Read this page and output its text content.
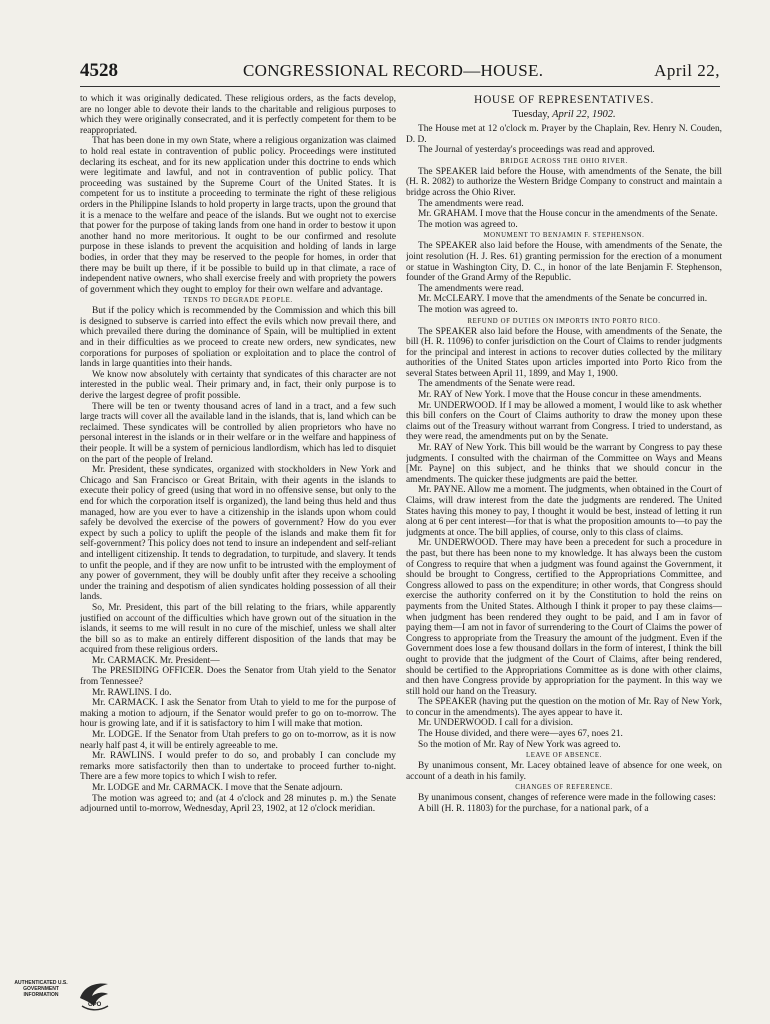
4528	CONGRESSIONAL RECORD—HOUSE.	April 22,

to which it was originally dedicated. These religious orders, as the facts develop, are no longer able to devote their lands to the charitable and religious purposes to which they were originally consecrated, and it is perfectly competent for them to be reappropriated.

That has been done in my own State, where a religious organization was claimed to hold real estate in contravention of public policy. Proceedings were instituted declaring its escheat, and for its new application under this doctrine to ends which were legitimate and lawful, and not in contravention of public policy. That proceeding was sustained by the Supreme Court of the United States. It is competent for us to institute a proceeding to terminate the right of these religious orders in the Philippine Islands to hold property in large tracts, upon the ground that it is a menace to the welfare and peace of the islands. But we ought not to exercise that power for the purpose of taking lands from one hand in order to bestow it upon another hand no more meritorious. It ought to be our confirmed and resolute purpose in these islands to prevent the acquisition and holding of lands in large bodies, in order that they may be reserved to the people for homes, in order that there may be built up there, if it be possible to build up in that climate, a race of independent native owners, who shall exercise freely and with propriety the powers of government which they ought to employ for their own welfare and advantage.

TENDS TO DEGRADE PEOPLE.

But if the policy which is recommended by the Commission and which this bill is designed to subserve is carried into effect the evils which now prevail there, and which prevailed there during the dominance of Spain, will be multiplied in extent and in their difficulties as we proceed to create new orders, new syndicates, new corporations for purposes of spoliation or exploitation and to place the control of lands in large quantities into their hands.

We know now absolutely with certainty that syndicates of this character are not interested in the public weal. Their primary and, in fact, their only purpose is to derive the largest degree of profit possible.

There will be ten or twenty thousand acres of land in a tract, and a few such large tracts will cover all the available land in the islands, that is, land which can be reclaimed. These syndicates will be controlled by alien proprietors who have no personal interest in the islands or in their welfare or in the welfare and happiness of their people. It will be a system of pernicious landlordism, which has led to disquiet on the part of the people of Ireland.

Mr. President, these syndicates, organized with stockholders in New York and Chicago and San Francisco or Great Britain, with their agents in the islands to execute their policy of greed (using that word in no offensive sense, but only to the end for which the corporation itself is organized), the land being thus held and thus managed, how are you ever to have a citizenship in the islands upon whom could safely be devolved the exercise of the powers of government? How do you ever expect by such a policy to uplift the people of the islands and make them fit for self-government? This policy does not tend to insure an independent and self-reliant and intelligent citizenship. It tends to degradation, to turpitude, and slavery. It tends to unfit the people, and if they are now unfit to be intrusted with the employment of any power of government, they will be doubly unfit after they receive a schooling under the training and despotism of alien syndicates holding possession of all their lands.

So, Mr. President, this part of the bill relating to the friars, while apparently justified on account of the difficulties which have grown out of the situation in the islands, it seems to me will result in no cure of the mischief, unless we shall alter the bill so as to make an entirely different disposition of the lands that may be acquired from these religious orders.

Mr. CARMACK. Mr. President—

The PRESIDING OFFICER. Does the Senator from Utah yield to the Senator from Tennessee?

Mr. RAWLINS. I do.

Mr. CARMACK. I ask the Senator from Utah to yield to me for the purpose of making a motion to adjourn, if the Senator would prefer to go on to-morrow. The hour is growing late, and if it is satisfactory to him I will make that motion.

Mr. LODGE. If the Senator from Utah prefers to go on to-morrow, as it is now nearly half past 4, it will be entirely agreeable to me.

Mr. RAWLINS. I would prefer to do so, and probably I can conclude my remarks more satisfactorily then than to undertake to proceed further to-night. There are a few more topics to which I wish to refer.

Mr. LODGE and Mr. CARMACK. I move that the Senate adjourn.

The motion was agreed to; and (at 4 o'clock and 28 minutes p. m.) the Senate adjourned until to-morrow, Wednesday, April 23, 1902, at 12 o'clock meridian.

HOUSE OF REPRESENTATIVES.
Tuesday, April 22, 1902.

The House met at 12 o'clock m. Prayer by the Chaplain, Rev. Henry N. Couden, D. D.

The Journal of yesterday's proceedings was read and approved.

BRIDGE ACROSS THE OHIO RIVER.

The SPEAKER laid before the House, with amendments of the Senate, the bill (H. R. 2082) to authorize the Western Bridge Company to construct and maintain a bridge across the Ohio River.

The amendments were read.

Mr. GRAHAM. I move that the House concur in the amendments of the Senate.

The motion was agreed to.

MONUMENT TO BENJAMIN F. STEPHENSON.

The SPEAKER also laid before the House, with amendments of the Senate, the joint resolution (H. J. Res. 61) granting permission for the erection of a monument or statue in Washington City, D. C., in honor of the late Benjamin F. Stephenson, founder of the Grand Army of the Republic.

The amendments were read.

Mr. McCLEARY. I move that the amendments of the Senate be concurred in.

The motion was agreed to.

REFUND OF DUTIES ON IMPORTS INTO PORTO RICO.

The SPEAKER also laid before the House, with amendments of the Senate, the bill (H. R. 11096) to confer jurisdiction on the Court of Claims to render judgments for the principal and interest in actions to recover duties collected by the military authorities of the United States upon articles imported into Porto Rico from the several States between April 11, 1899, and May 1, 1900.

The amendments of the Senate were read.

Mr. RAY of New York. I move that the House concur in these amendments.

Mr. UNDERWOOD. If I may be allowed a moment, I would like to ask whether this bill confers on the Court of Claims authority to draw the money upon these claims out of the Treasury without warrant from Congress. I tried to understand, as they were read, the amendments put on by the Senate.

Mr. RAY of New York. This bill would be the warrant by Congress to pay these judgments. I consulted with the chairman of the Committee on Ways and Means [Mr. Payne] on this subject, and he thinks that we should concur in the amendments. The quicker these judgments are paid the better.

Mr. PAYNE. Allow me a moment. The judgments, when obtained in the Court of Claims, will draw interest from the date the judgments are rendered. The United States having this money to pay, I thought it would be best, instead of letting it run along at 6 per cent interest—for that is what the proposition amounts to—to pay the judgments at once. The bill applies, of course, only to this class of claims.

Mr. UNDERWOOD. There may have been a precedent for such a procedure in the past, but there has been none to my knowledge. It has always been the custom of Congress to require that when a judgment was found against the Government, it should be brought to Congress, certified to the Appropriations Committee, and Congress allowed to pass on the expenditure; in other words, that Congress should exercise the authority conferred on it by the Constitution to hold the reins on payments from the United States. Although I think it proper to pay these claims—when judgment has been rendered they ought to be paid, and I am in favor of paying them—I am not in favor of surrendering to the Court of Claims the power of Congress to appropriate from the Treasury the amount of the judgment. Even if the Government does lose a few thousand dollars in the form of interest, I think the bill ought to provide that the judgment of the Court of Claims, after being rendered, should be certified to the Appropriations Committee as is done with other claims, and then have Congress provide by appropriation for the payment. In this way we still hold our hand on the Treasury.

The SPEAKER (having put the question on the motion of Mr. Ray of New York, to concur in the amendments). The ayes appear to have it.

Mr. UNDERWOOD. I call for a division.

The House divided, and there were—ayes 67, noes 21.

So the motion of Mr. Ray of New York was agreed to.

LEAVE OF ABSENCE.

By unanimous consent, Mr. Lacey obtained leave of absence for one week, on account of a death in his family.

CHANGES OF REFERENCE.

By unanimous consent, changes of reference were made in the following cases:

A bill (H. R. 11803) for the purchase, for a national park, of a

AUTHENTICATED U.S. GOVERNMENT INFORMATION
GPO
